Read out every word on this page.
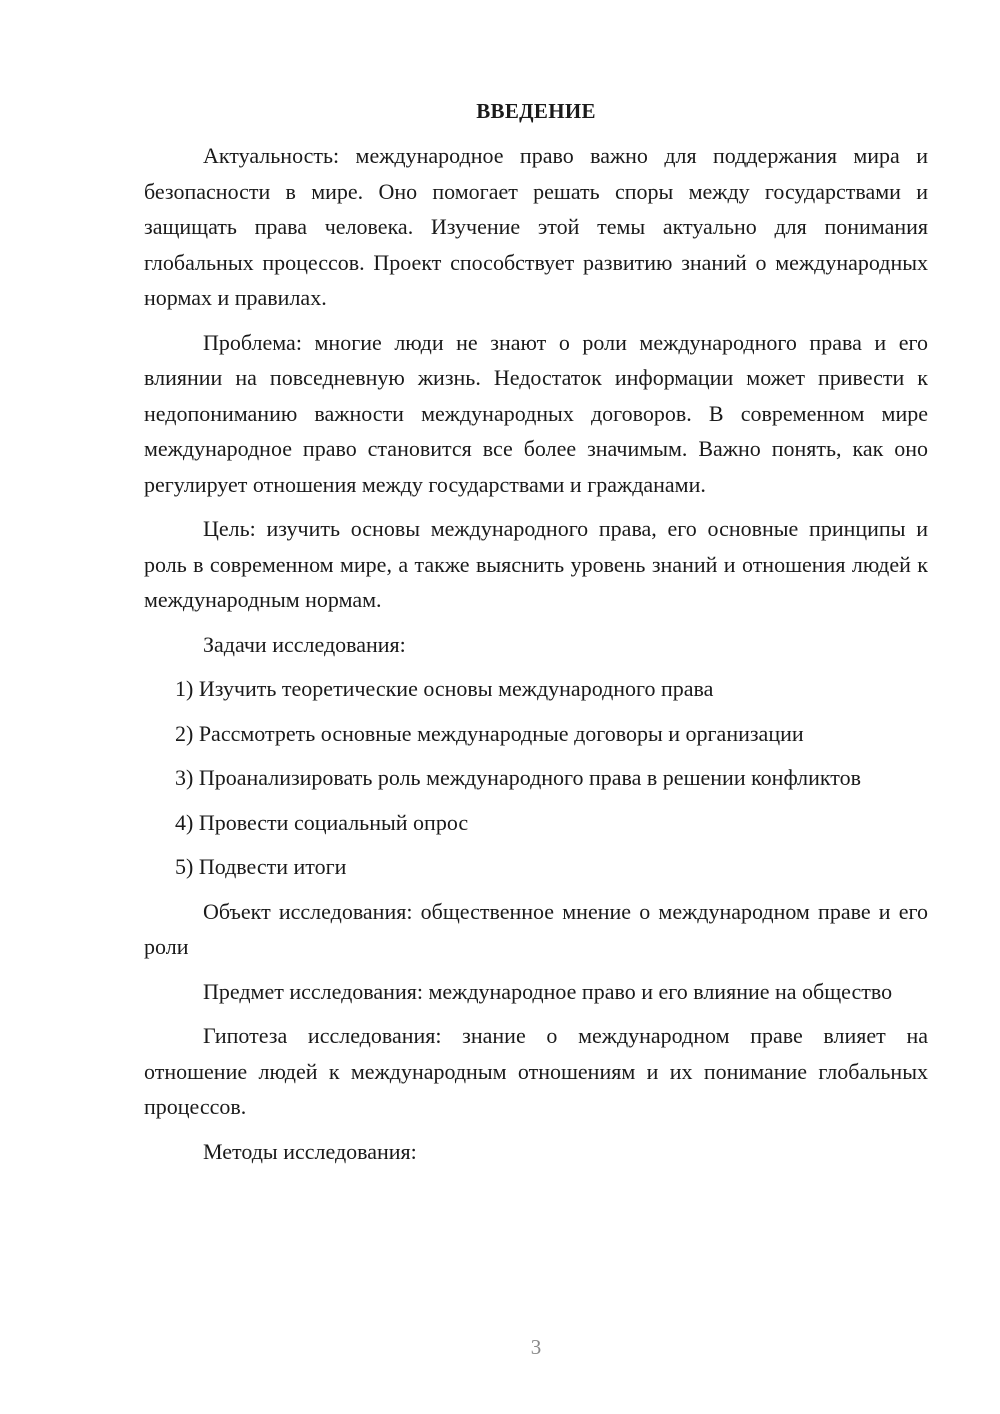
ВВЕДЕНИЕ

Актуальность: международное право важно для поддержания мира и безопасности в мире. Оно помогает решать споры между государствами и защищать права человека. Изучение этой темы актуально для понимания глобальных процессов. Проект способствует развитию знаний о международных нормах и правилах.

Проблема: многие люди не знают о роли международного права и его влиянии на повседневную жизнь. Недостаток информации может привести к недопониманию важности международных договоров. В современном мире международное право становится все более значимым. Важно понять, как оно регулирует отношения между государствами и гражданами.

Цель: изучить основы международного права, его основные принципы и роль в современном мире, а также выяснить уровень знаний и отношения людей к международным нормам.

Задачи исследования:

1) Изучить теоретические основы международного права

2) Рассмотреть основные международные договоры и организации

3) Проанализировать роль международного права в решении конфликтов

4) Провести социальный опрос

5) Подвести итоги

Объект исследования: общественное мнение о международном праве и его роли

Предмет исследования: международное право и его влияние на общество

Гипотеза исследования: знание о международном праве влияет на отношение людей к международным отношениям и их понимание глобальных процессов.

Методы исследования:

3
